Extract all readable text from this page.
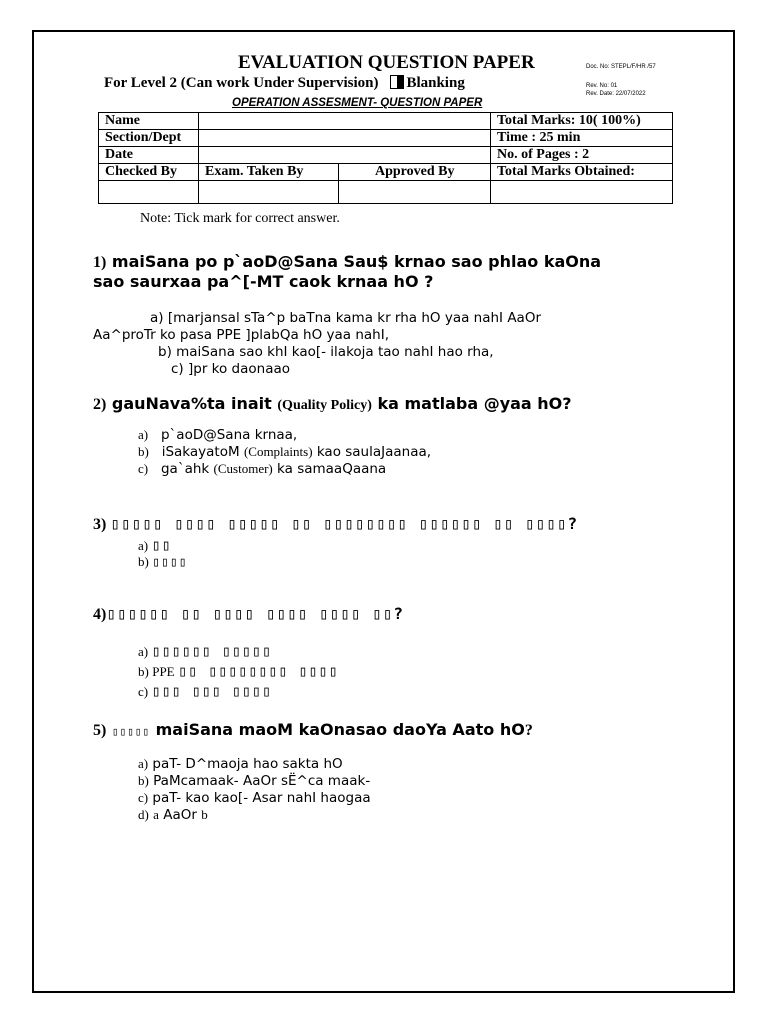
EVALUATION QUESTION PAPER	Doc. No: STEPL/F/HR /57
Rev. No: 01
Rev. Date: 22/07/2022
For Level 2 (Can work Under Supervision) Blanking
OPERATION ASSESMENT- QUESTION PAPER
Name			Total Marks: 10( 100%)
Section/Dept			Time : 25 min
Date			No. of Pages : 2
Checked By	Exam. Taken By	Approved By	Total Marks Obtained:

Note: Tick mark for correct answer.
1) maiSana po p`aoD@Sana Sau$ krnao sao phlao kaOna
sao saurxaa pa^[-MT caok krnaa hO ?
a) [marjansal sTa^p baTna kama kr rha hO yaa nahI AaOr
Aa^proTr ko pasa PPE ]plabQa hO yaa nahI,
b) maiSana sao khI kao[- ilakoja tao nahI hao rha,
c) ]pr ko daonaao
2) gauNava%ta inait (Quality Policy) ka matlaba @yaa hO?
a) p`aoD@Sana krnaa,
b) iSakayatoM (Complaints) kao saulaJaanaa,
c) ga`ahk (Customer) ka samaaQaana
3) ▯▯▯▯▯ ▯▯▯▯ ▯▯▯▯▯ ▯▯ ▯▯▯▯▯▯▯▯ ▯▯▯▯▯▯ ▯▯ ▯▯▯▯?
a) ▯▯
b) ▯▯▯▯
4)▯▯▯▯▯▯ ▯▯ ▯▯▯▯ ▯▯▯▯ ▯▯▯▯ ▯▯?
a) ▯▯▯▯▯▯ ▯▯▯▯▯
b) PPE ▯▯ ▯▯▯▯▯▯▯▯ ▯▯▯▯
c) ▯▯▯ ▯▯▯ ▯▯▯▯
5) ▯▯▯▯▯ maiSana maoM kaOnasao daoYa Aato hO?
a) paT- D^maoja hao sakta hO
b) PaMcamaak- AaOr sË^ca maak-
c) paT- kao kao[- Asar nahI haogaa
d) a AaOr b
